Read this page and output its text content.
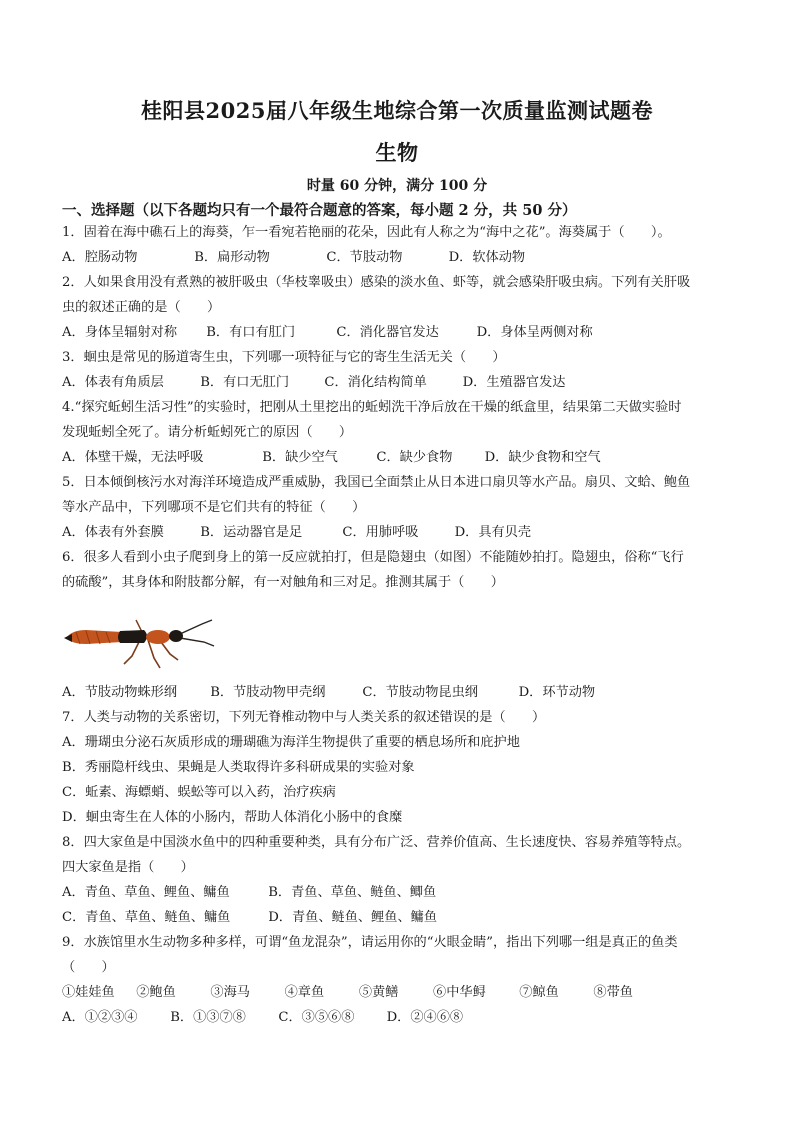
桂阳县2025届八年级生地综合第一次质量监测试题卷
生物
时量 60 分钟，满分 100 分
一、选择题（以下各题均只有一个最符合题意的答案，每小题 2 分，共 50 分）
1．固着在海中礁石上的海葵，乍一看宛若艳丽的花朵，因此有人称之为“海中之花”。海葵属于（　　）。
A．腔肠动物	B．扁形动物	C．节肢动物	D．软体动物
2．人如果食用没有煮熟的被肝吸虫（华枝睾吸虫）感染的淡水鱼、虾等，就会感染肝吸虫病。下列有关肝吸
虫的叙述正确的是（　　）
A．身体呈辐射对称 B．有口有肛门	C．消化器官发达	D．身体呈两侧对称
3．蛔虫是常见的肠道寄生虫，下列哪一项特征与它的寄生生活无关（　　）
A．体表有角质层	B．有口无肛门	C．消化结构简单	D．生殖器官发达
4.“探究蚯蚓生活习性”的实验时，把刚从土里挖出的蚯蚓洗干净后放在干燥的纸盒里，结果第二天做实验时
发现蚯蚓全死了。请分析蚯蚓死亡的原因（　　）
A．体壁干燥，无法呼吸	B．缺少空气	C．缺少食物 D．缺少食物和空气
5．日本倾倒核污水对海洋环境造成严重威胁，我国已全面禁止从日本进口扇贝等水产品。扇贝、文蛤、鲍鱼
等水产品中，下列哪项不是它们共有的特征（　　）
A．体表有外套膜	B．运动器官是足	C．用肺呼吸	D．具有贝壳
6．很多人看到小虫子爬到身上的第一反应就拍打，但是隐翅虫（如图）不能随妙拍打。隐翅虫，俗称“飞行
的硫酸”，其身体和附肢都分解，有一对触角和三对足。推测其属于（　　）
A．节肢动物蛛形纲	B．节肢动物甲壳纲	C．节肢动物昆虫纲	D．环节动物
7．人类与动物的关系密切，下列无脊椎动物中与人类关系的叙述错误的是（　　）
A．珊瑚虫分泌石灰质形成的珊瑚礁为海洋生物提供了重要的栖息场所和庇护地
B．秀丽隐杆线虫、果蝇是人类取得许多科研成果的实验对象
C．蚯素、海螵蛸、蜈蚣等可以入药，治疗疾病
D．蛔虫寄生在人体的小肠内，帮助人体消化小肠中的食糜
8．四大家鱼是中国淡水鱼中的四种重要种类，具有分布广泛、营养价值高、生长速度快、容易养殖等特点。
四大家鱼是指（　　）
A．青鱼、草鱼、鲤鱼、鳙鱼	B．青鱼、草鱼、鲢鱼、鲫鱼
C．青鱼、草鱼、鲢鱼、鳙鱼	D．青鱼、鲢鱼、鲤鱼、鳙鱼
9．水族馆里水生动物多种多样，可谓“鱼龙混杂”，请运用你的“火眼金睛”，指出下列哪一组是真正的鱼类
（　　）
①娃娃鱼 ②鲍鱼	③海马	④章鱼	⑤黄鳝	⑥中华鲟	⑦鲸鱼	⑧带鱼
A．①②③④ B．①③⑦⑧ C．③⑤⑥⑧ D．②④⑥⑧
